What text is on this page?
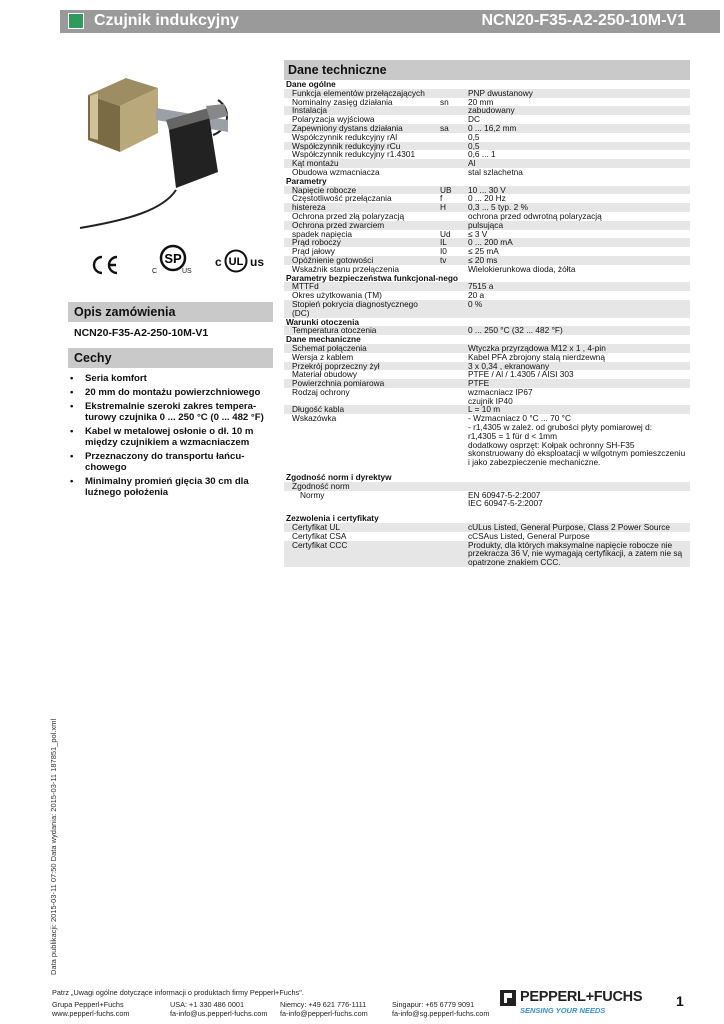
Czujnik indukcyjny	NCN20-F35-A2-250-10M-V1
SP
C	US
c UL us
Opis zamówienia
NCN20-F35-A2-250-10M-V1
Cechy
• Seria komfort
• 20 mm do montażu powierzchniowego
• Ekstremalnie szeroki zakres tempera-turowy czujnika 0 ... 250 °C (0 ... 482 °F)
• Kabel w metalowej osłonie o dł. 10 m między czujnikiem a wzmacniaczem
• Przeznaczony do transportu łańcu-chowego
• Minimalny promień gięcia 30 cm dla luźnego położenia
Dane techniczne
Dane ogólne		
Funkcja elementów przełączających		PNP dwustanowy
Nominalny zasięg działania	sn	20 mm
Instalacja		zabudowany
Polaryzacja wyjściowa		DC
Zapewniony dystans działania	sa	0 ... 16,2 mm
Współczynnik redukcyjny rAl		0,5
Współczynnik redukcyjny rCu		0,5
Współczynnik redukcyjny r1.4301		0,6 ... 1
Kąt montażu		Al
Obudowa wzmacniacza		stal szlachetna
Parametry		
Napięcie robocze	UB	10 ... 30 V
Częstotliwość przełączania	f	0 ... 20 Hz
histereza	H	0,3 ... 5 typ. 2 %
Ochrona przed złą polaryzacją		ochrona przed odwrotną polaryzacją
Ochrona przed zwarciem		pulsująca
spadek napięcia	Ud	≤ 3 V
Prąd roboczy	IL	0 ... 200 mA
Prąd jałowy	I0	≤ 25 mA
Opóźnienie gotowości	tv	≤ 20 ms
Wskaźnik stanu przełączenia		Wielokierunkowa dioda, żółta
Parametry bezpieczeństwa funkcjonal-nego		
MTTFd		7515 a
Okres użytkowania (TM)		20 a
Stopień pokrycia diagnostycznego (DC)		0 %
Warunki otoczenia		
Temperatura otoczenia		0 ... 250 °C (32 ... 482 °F)
Dane mechaniczne		
Schemat połączenia		Wtyczka przyrządowa M12 x 1 , 4-pin
Wersja z kablem		Kabel PFA zbrojony stalą nierdzewną
Przekrój poprzeczny żył		3 x 0,34 , ekranowany
Materiał obudowy		PTFE / Al / 1.4305 / AISI 303
Powierzchnia pomiarowa		PTFE
Rodzaj ochrony		wzmacniacz IP67
czujnik IP40
Długość kabla		L = 10 m
Wskazówka		- Wzmacniacz 0 °C ... 70 °C
- r1,4305 w zależ. od grubości płyty pomiarowej d:
r1,4305 = 1 für d < 1mm
dodatkowy osprzęt: Kołpak ochronny SH-F35 skonstruowany do eksploatacji w wilgotnym pomieszczeniu i jako zabezpieczenie mechaniczne.

Zgodność norm i dyrektyw		
Zgodność norm		
Normy		EN 60947-5-2:2007
IEC 60947-5-2:2007

Zezwolenia i certyfikaty		
Certyfikat UL		cULus Listed, General Purpose, Class 2 Power Source
Certyfikat CSA		cCSAus Listed, General Purpose
Certyfikat CCC		Produkty, dla których maksymalne napięcie robocze nie przekracza 36 V, nie wymagają certyfikacji, a zatem nie są opatrzone znakiem CCC.
Data publikacji: 2015-03-11 07:50 Data wydania: 2015-03-11 187851_pol.xml
Patrz „Uwagi ogólne dotyczące informacji o produktach firmy Pepperl+Fuchs".
Grupa Pepperl+Fuchs
www.pepperl-fuchs.com
USA: +1 330 486 0001
fa-info@us.pepperl-fuchs.com
Niemcy: +49 621 776-1111
fa-info@pepperl-fuchs.com
Singapur: +65 6779 9091
fa-info@sg.pepperl-fuchs.com
PEPPERL+FUCHS
SENSING YOUR NEEDS
1
